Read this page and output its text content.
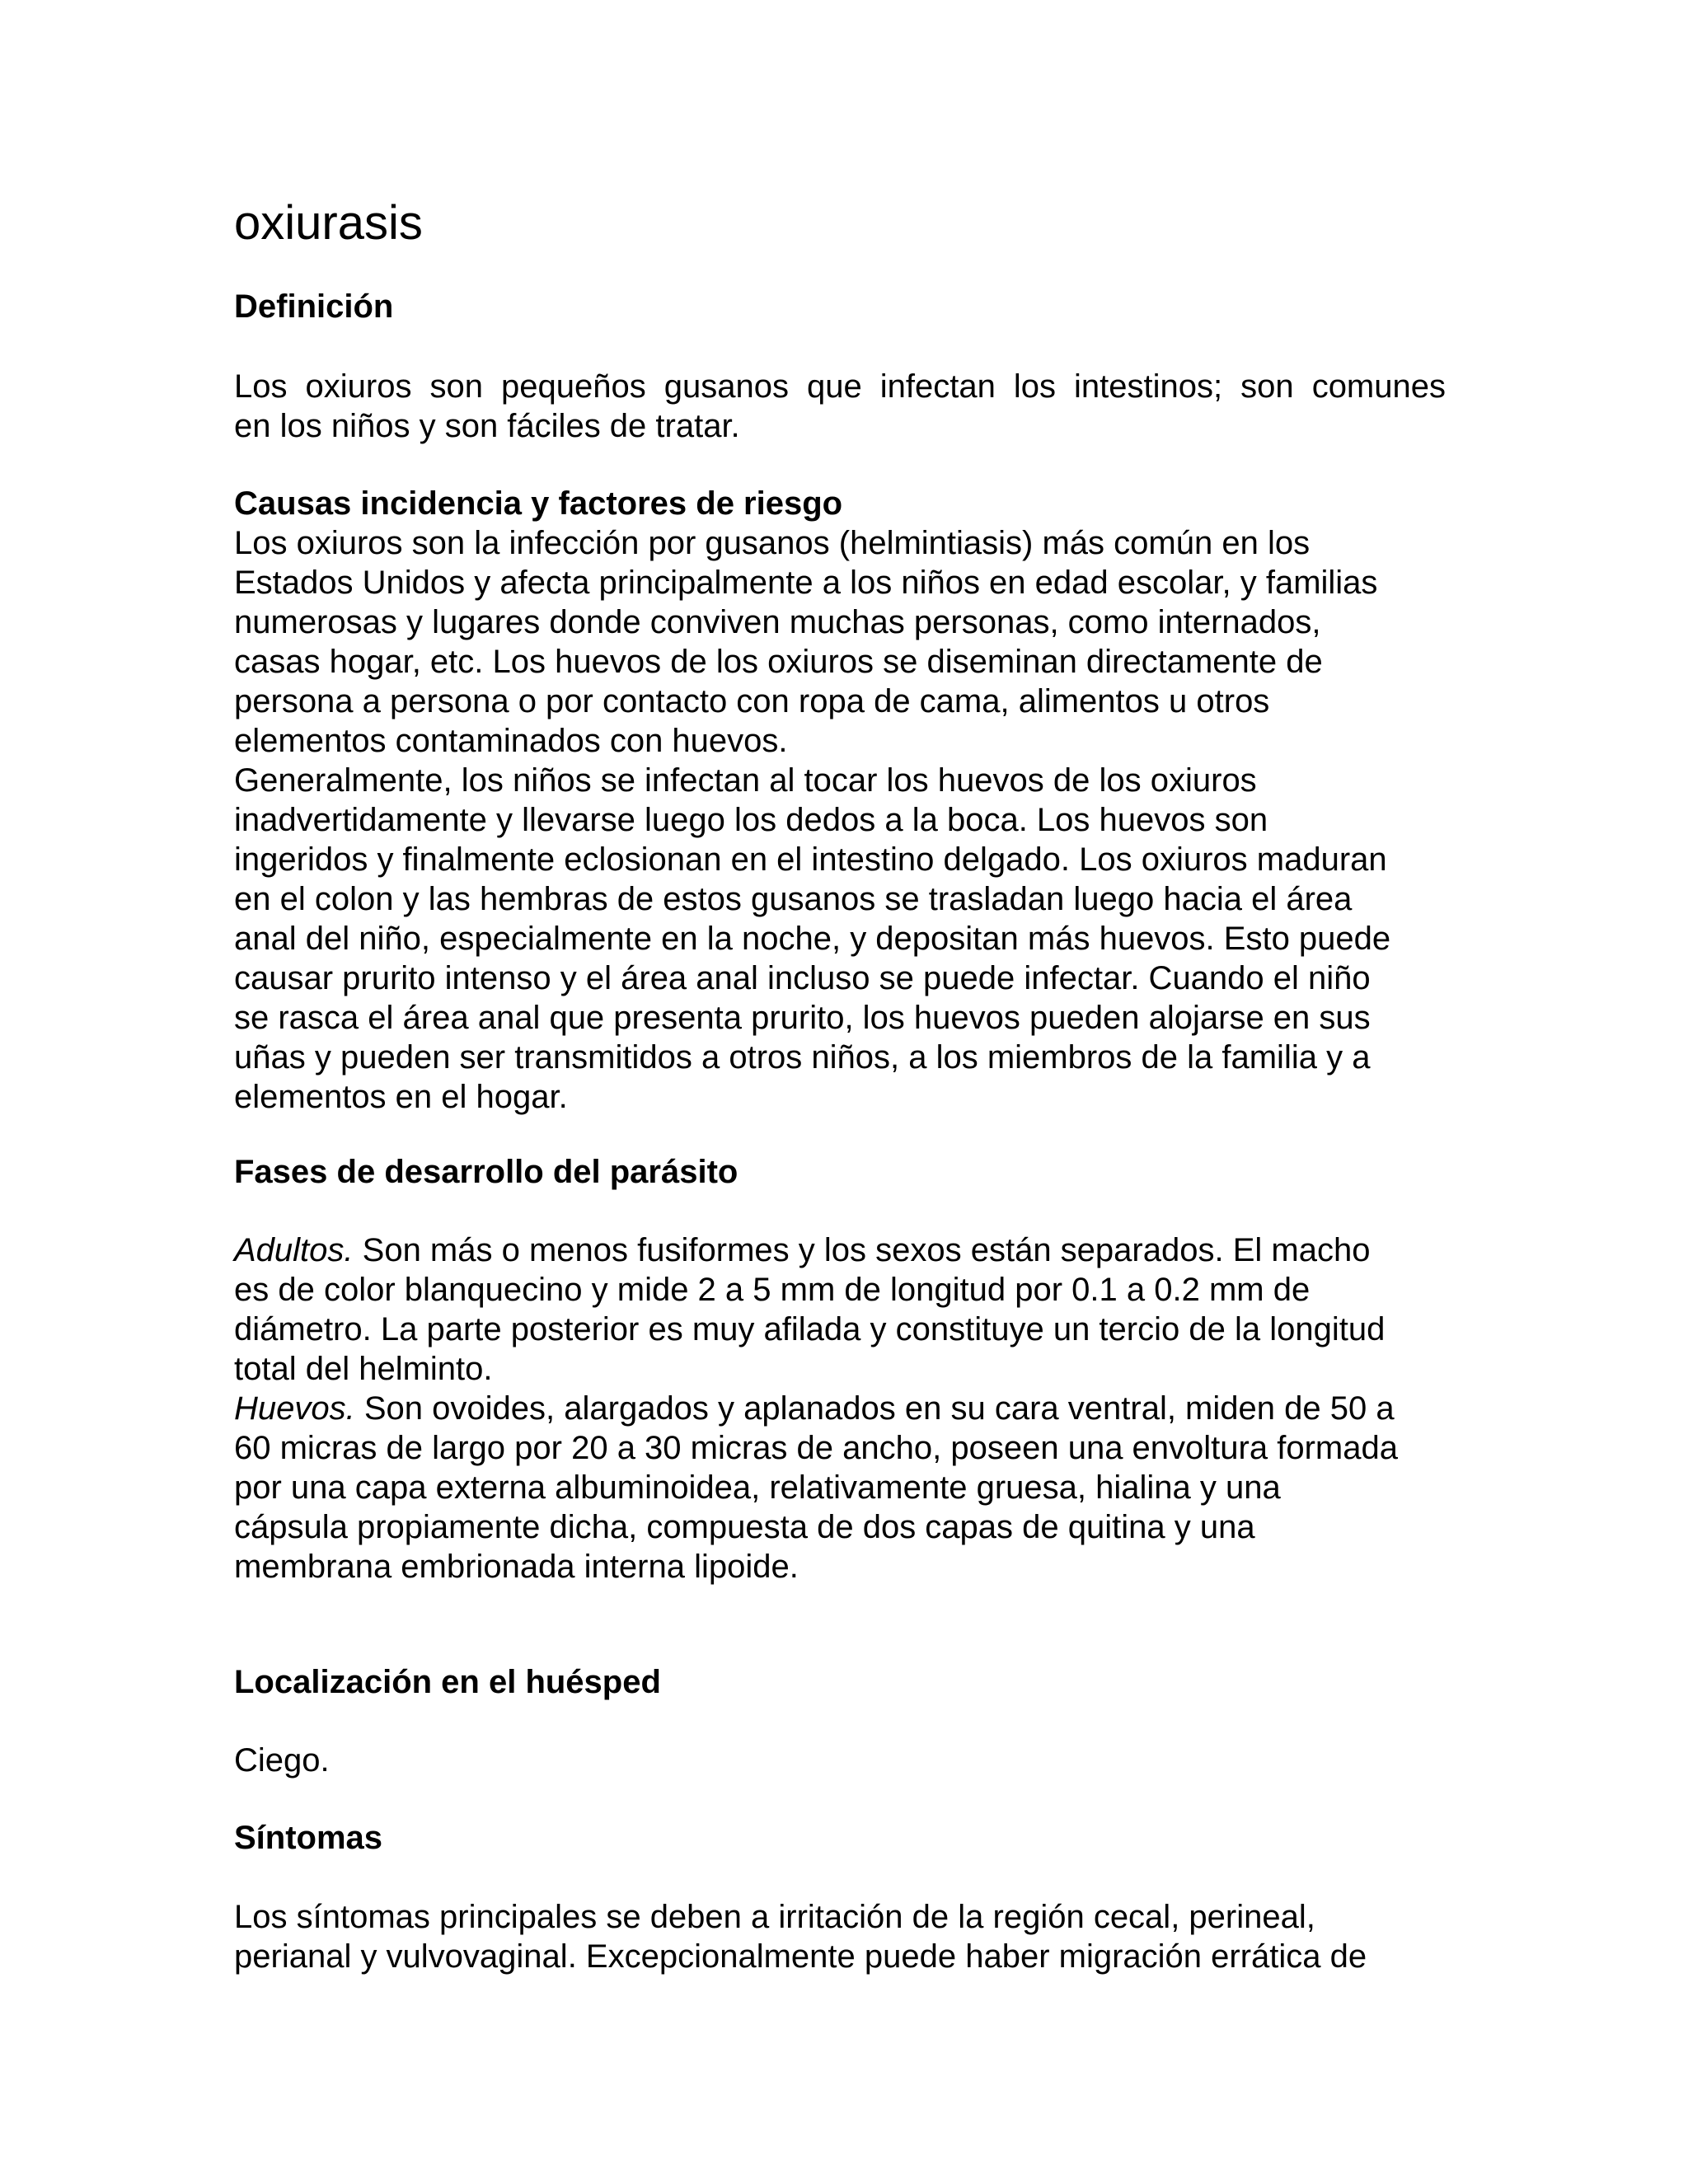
oxiurasis
Definición
Los oxiuros son pequeños gusanos que infectan los intestinos; son comunes
en los niños y son fáciles de tratar.
Causas incidencia y factores de riesgo
Los oxiuros son la infección por gusanos (helmintiasis) más común en los
Estados Unidos y afecta principalmente a los niños en edad escolar, y familias
numerosas y lugares donde conviven muchas personas, como internados,
casas hogar, etc. Los huevos de los oxiuros se diseminan directamente de
persona a persona o por contacto con ropa de cama, alimentos u otros
elementos contaminados con huevos.
Generalmente, los niños se infectan al tocar los huevos de los oxiuros
inadvertidamente y llevarse luego los dedos a la boca. Los huevos son
ingeridos y finalmente eclosionan en el intestino delgado. Los oxiuros maduran
en el colon y las hembras de estos gusanos se trasladan luego hacia el área
anal del niño, especialmente en la noche, y depositan más huevos. Esto puede
causar prurito intenso y el área anal incluso se puede infectar. Cuando el niño
se rasca el área anal que presenta prurito, los huevos pueden alojarse en sus
uñas y pueden ser transmitidos a otros niños, a los miembros de la familia y a
elementos en el hogar.
Fases de desarrollo del parásito
Adultos. Son más o menos fusiformes y los sexos están separados. El macho
es de color blanquecino y mide 2 a 5 mm de longitud por 0.1 a 0.2 mm de
diámetro. La parte posterior es muy afilada y constituye un tercio de la longitud
total del helminto.
Huevos. Son ovoides, alargados y aplanados en su cara ventral, miden de 50 a
60 micras de largo por 20 a 30 micras de ancho, poseen una envoltura formada
por una capa externa albuminoidea, relativamente gruesa, hialina y una
cápsula propiamente dicha, compuesta de dos capas de quitina y una
membrana embrionada interna lipoide.
Localización en el huésped
Ciego.
Síntomas
Los síntomas principales se deben a irritación de la región cecal, perineal,
perianal y vulvovaginal. Excepcionalmente puede haber migración errática de
